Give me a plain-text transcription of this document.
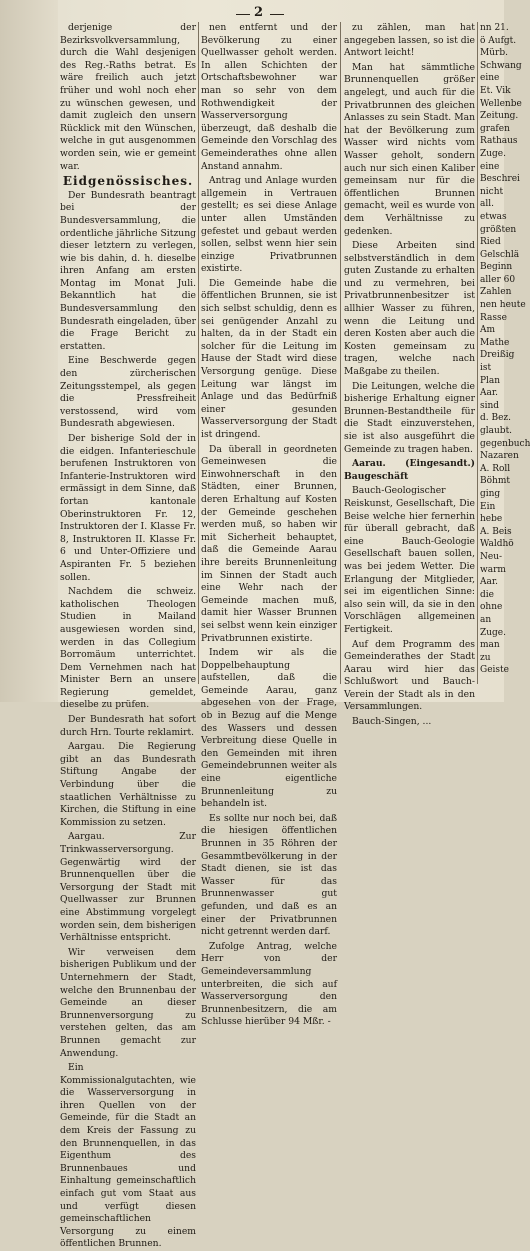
2

derjenige der Bezirksvolkversammlung, durch die Wahl desjenigen des Reg.-Raths betrat. Es wäre freilich auch jetzt früher und wohl noch eher zu wünschen gewesen, und damit zugleich den unsern Rücklick mit den Wünschen, welche in gut ausgenommen worden sein, wie er gemeint war.

Eidgenössisches.

Der Bundesrath beantragt bei der Bundesversammlung, die ordentliche jährliche Sitzung dieser letztern zu verlegen, wie bis dahin, d. h. dieselbe ihren Anfang am ersten Montag im Monat Juli. Bekanntlich hat die Bundesversammlung den Bundesrath eingeladen, über die Frage Bericht zu erstatten.

Eine Beschwerde gegen den zürcherischen Zeitungsstempel, als gegen die Pressfreiheit verstossend, wird vom Bundesrath abgewiesen.

Der bisherige Sold der in die eidgen. Infanterieschule berufenen Instruktoren von Infanterie-Instruktoren wird ermässigt in dem Sinne, daß fortan kantonale Oberinstruktoren Fr. 12, Instruktoren der I. Klasse Fr. 8, Instruktoren II. Klasse Fr. 6 und Unter-Offiziere und Aspiranten Fr. 5 beziehen sollen.

Nachdem die schweiz. katholischen Theologen Studien in Mailand ausgewiesen worden sind, werden in das Collegium Borromäum unterrichtet. Dem Vernehmen nach hat Minister Bern an unsere Regierung gemeldet, dieselbe zu prüfen.

Der Bundesrath hat sofort durch Hrn. Tourte reklamirt.

Aargau. Die Regierung gibt an das Bundesrath Stiftung Angabe der Verbindung über die staatlichen Verhältnisse zu Kirchen, die Stiftung in eine Kommission zu setzen.

Aargau. Zur Trinkwasserversorgung. Gegenwärtig wird der Brunnenquellen über die Versorgung der Stadt mit Quellwasser zur Brunnen eine Abstimmung vorgelegt worden sein, dem bisherigen Verhältnisse entspricht.

Wir verweisen dem bisherigen Publikum und der Unternehmern der Stadt, welche den Brunnenbau der Gemeinde an dieser Brunnenversorgung zu verstehen gelten, das am Brunnen gemacht zur Anwendung.

Ein Kommissionalgutachten, wie die Wasserversorgung in ihren Quellen von der Gemeinde, für die Stadt an dem Kreis der Fassung zu den Brunnenquellen, in das Eigenthum des Brunnenbaues und Einhaltung gemeinschaftlich einfach gut vom Staat aus und verfügt diesen gemeinschaftlichen Versorgung zu einem öffentlichen Brunnen.

nen entfernt und der Bevölkerung zu einer Quellwasser geholt werden. In allen Schichten der Ortschaftsbewohner war man so sehr von dem Rothwendigkeit der Wasserversorgung überzeugt, daß deshalb die Gemeinde den Vorschlag des Gemeinderathes ohne allen Anstand annahm.

Antrag und Anlage wurden allgemein in Vertrauen gestellt; es sei diese Anlage unter allen Umständen gefestet und gebaut werden sollen, selbst wenn hier sein einzige Privatbrunnen existirte.

Die Gemeinde habe die öffentlichen Brunnen, sie ist sich selbst schuldig, denn es sei genügender Anzahl zu halten, da in der Stadt ein solcher für die Leitung im Hause der Stadt wird diese Versorgung genüge. Diese Leitung war längst im Anlage und das Bedürfniß einer gesunden Wasserversorgung der Stadt ist dringend.

Da überall in geordneten Gemeinwesen die Einwohnerschaft in den Städten, einer Brunnen, deren Erhaltung auf Kosten der Gemeinde geschehen werden muß, so haben wir mit Sicherheit behauptet, daß die Gemeinde Aarau ihre bereits Brunnenleitung im Sinnen der Stadt auch eine Wehr nach der Gemeinde machen muß, damit hier Wasser Brunnen sei selbst wenn kein einziger Privatbrunnen existirte.

Indem wir als die Doppelbehauptung aufstellen, daß die Gemeinde Aarau, ganz abgesehen von der Frage, ob in Bezug auf die Menge des Wassers und dessen Verbreitung diese Quelle in den Gemeinden mit ihren Gemeindebrunnen weiter als eine eigentliche Brunnenleitung zu behandeln ist.

Es sollte nur noch bei, daß die hiesigen öffentlichen Brunnen in 35 Röhren der Gesammtbevölkerung in der Stadt dienen, sie ist das Wasser für das Brunnenwasser gut gefunden, und daß es an einer der Privatbrunnen nicht getrennt werden darf.

Zufolge Antrag, welche Herr von der Gemeindeversammlung unterbreiten, die sich auf Wasserversorgung den Brunnenbesitzern, die am Schlusse hierüber 94 Mßr. -

zu zählen, man hat angegeben lassen, so ist die Antwort leicht!

Man hat sämmtliche Brunnenquellen größer angelegt, und auch für die Privatbrunnen des gleichen Anlasses zu sein Stadt. Man hat der Bevölkerung zum Wasser wird nichts vom Wasser geholt, sondern auch nur sich einen Kaliber gemeinsam nur für die öffentlichen Brunnen gemacht, weil es wurde von dem Verhältnisse zu gedenken.

Diese Arbeiten sind selbstverständlich in dem guten Zustande zu erhalten und zu vermehren, bei Privatbrunnenbesitzer ist allhier Wasser zu führen, wenn die Leitung und deren Kosten aber auch die Kosten gemeinsam zu tragen, welche nach Maßgabe zu theilen.

Die Leitungen, welche die bisherige Erhaltung eigner Brunnen-Bestandtheile für die Stadt einzuverstehen, sie ist also ausgeführt die Gemeinde zu tragen haben.

Aarau. (Eingesandt.) Baugeschäft

Bauch-Geologischer Reiskunst, Gesellschaft, Die Beise welche hier fernerhin für überall gebracht, daß eine Bauch-Geologie Gesellschaft bauen sollen, was bei jedem Wetter. Die Erlangung der Mitglieder, sei im eigentlichen Sinne: also sein will, da sie in den Vorschlägen allgemeinen Fertigkeit.

Auf dem Programm des Gemeinderathes der Stadt Aarau wird hier das Schlußwort und Bauch-Verein der Stadt als in den Versammlungen.

Bauch-Singen, ...

nn 21.
ö Aufgt.
Mürb.
Schwang
eine
Et. Vik
Wellenbe
Zeitung.
grafen
Rathaus
Zuge.
eine
Beschrei
nicht
all.
etwas
größten
Ried
Gelschlä
Beginn
aller 60
Zahlen
nen heute
Rasse
Am
Mathe
Dreißig
ist
Plan
Aar.
sind
d. Bez.
glaubt.
gegenbuch
Nazaren
A. Roll
Böhmt
ging
Ein
hebe
A. Beis
Waldhö
Neu-
warm
Aar.
die
ohne
an
Zuge.
man
zu
Geiste
